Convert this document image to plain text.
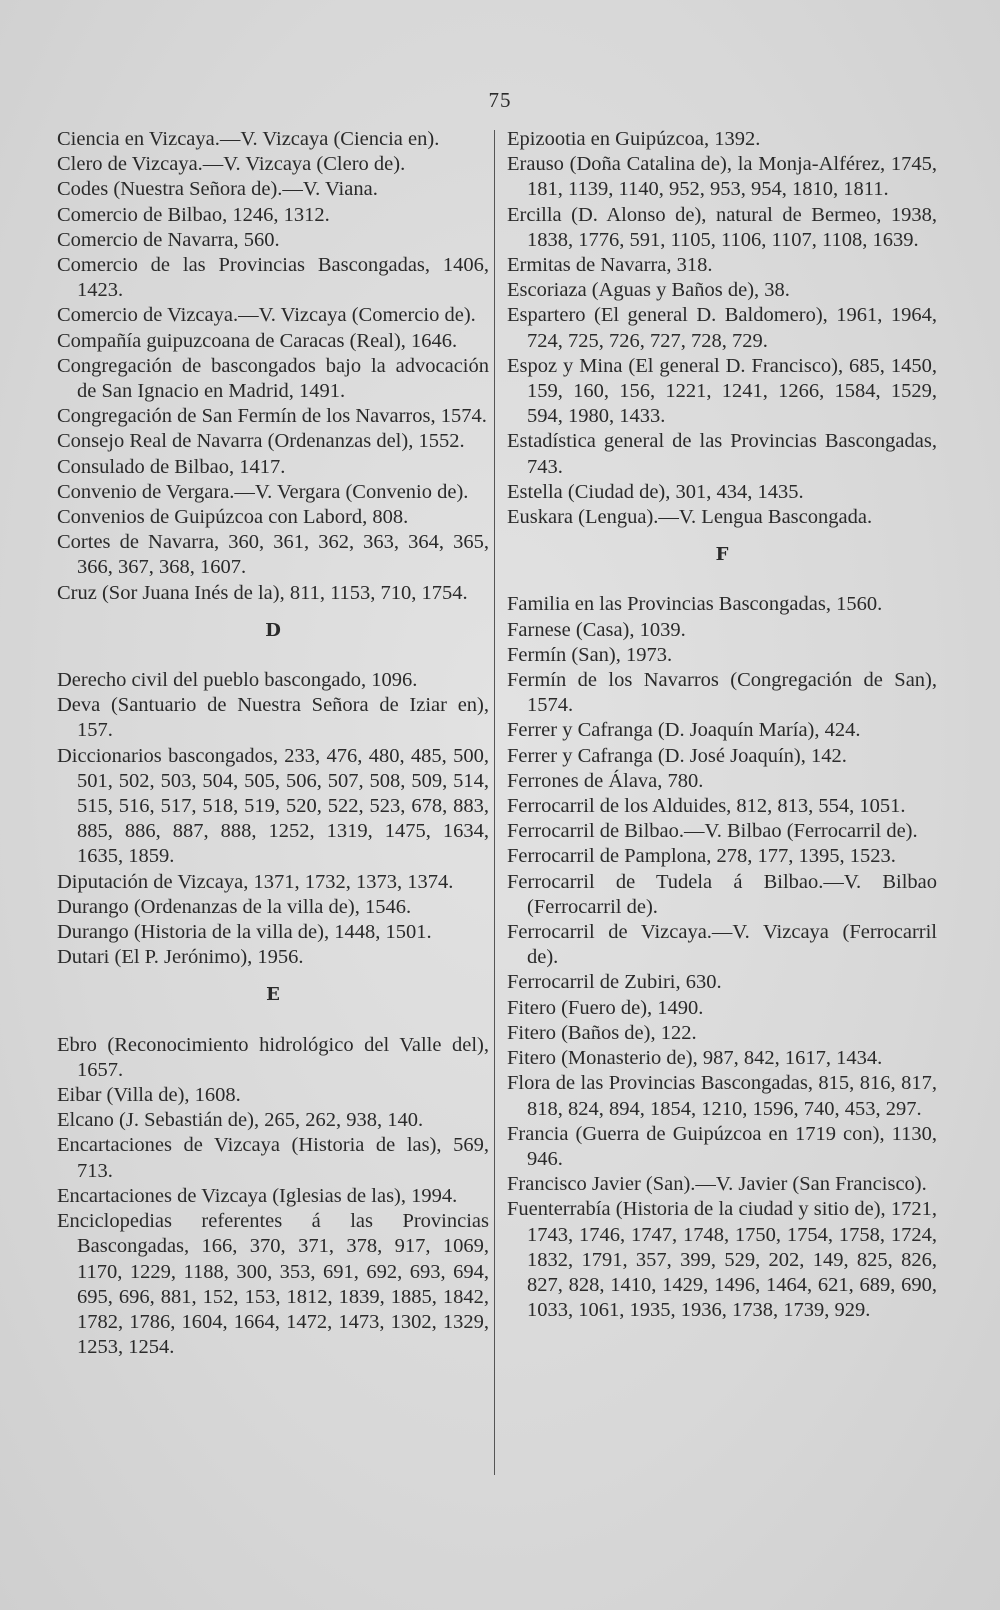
75

Ciencia en Vizcaya.—V. Vizcaya (Ciencia en).

Clero de Vizcaya.—V. Vizcaya (Clero de).

Codes (Nuestra Señora de).—V. Viana.

Comercio de Bilbao, 1246, 1312.

Comercio de Navarra, 560.

Comercio de las Provincias Bascongadas, 1406, 1423.

Comercio de Vizcaya.—V. Vizcaya (Comercio de).

Compañía guipuzcoana de Caracas (Real), 1646.

Congregación de bascongados bajo la advocación de San Ignacio en Madrid, 1491.

Congregación de San Fermín de los Navarros, 1574.

Consejo Real de Navarra (Ordenanzas del), 1552.

Consulado de Bilbao, 1417.

Convenio de Vergara.—V. Vergara (Convenio de).

Convenios de Guipúzcoa con Labord, 808.

Cortes de Navarra, 360, 361, 362, 363, 364, 365, 366, 367, 368, 1607.

Cruz (Sor Juana Inés de la), 811, 1153, 710, 1754.

D

Derecho civil del pueblo bascongado, 1096.

Deva (Santuario de Nuestra Señora de Iziar en), 157.

Diccionarios bascongados, 233, 476, 480, 485, 500, 501, 502, 503, 504, 505, 506, 507, 508, 509, 514, 515, 516, 517, 518, 519, 520, 522, 523, 678, 883, 885, 886, 887, 888, 1252, 1319, 1475, 1634, 1635, 1859.

Diputación de Vizcaya, 1371, 1732, 1373, 1374.

Durango (Ordenanzas de la villa de), 1546.

Durango (Historia de la villa de), 1448, 1501.

Dutari (El P. Jerónimo), 1956.

E

Ebro (Reconocimiento hidrológico del Valle del), 1657.

Eibar (Villa de), 1608.

Elcano (J. Sebastián de), 265, 262, 938, 140.

Encartaciones de Vizcaya (Historia de las), 569, 713.

Encartaciones de Vizcaya (Iglesias de las), 1994.

Enciclopedias referentes á las Provincias Bascongadas, 166, 370, 371, 378, 917, 1069, 1170, 1229, 1188, 300, 353, 691, 692, 693, 694, 695, 696, 881, 152, 153, 1812, 1839, 1885, 1842, 1782, 1786, 1604, 1664, 1472, 1473, 1302, 1329, 1253, 1254.

Epizootia en Guipúzcoa, 1392.

Erauso (Doña Catalina de), la Monja-Alférez, 1745, 181, 1139, 1140, 952, 953, 954, 1810, 1811.

Ercilla (D. Alonso de), natural de Bermeo, 1938, 1838, 1776, 591, 1105, 1106, 1107, 1108, 1639.

Ermitas de Navarra, 318.

Escoriaza (Aguas y Baños de), 38.

Espartero (El general D. Baldomero), 1961, 1964, 724, 725, 726, 727, 728, 729.

Espoz y Mina (El general D. Francisco), 685, 1450, 159, 160, 156, 1221, 1241, 1266, 1584, 1529, 594, 1980, 1433.

Estadística general de las Provincias Bascongadas, 743.

Estella (Ciudad de), 301, 434, 1435.

Euskara (Lengua).—V. Lengua Bascongada.

F

Familia en las Provincias Bascongadas, 1560.

Farnese (Casa), 1039.

Fermín (San), 1973.

Fermín de los Navarros (Congregación de San), 1574.

Ferrer y Cafranga (D. Joaquín María), 424.

Ferrer y Cafranga (D. José Joaquín), 142.

Ferrones de Álava, 780.

Ferrocarril de los Alduides, 812, 813, 554, 1051.

Ferrocarril de Bilbao.—V. Bilbao (Ferrocarril de).

Ferrocarril de Pamplona, 278, 177, 1395, 1523.

Ferrocarril de Tudela á Bilbao.—V. Bilbao (Ferrocarril de).

Ferrocarril de Vizcaya.—V. Vizcaya (Ferrocarril de).

Ferrocarril de Zubiri, 630.

Fitero (Fuero de), 1490.

Fitero (Baños de), 122.

Fitero (Monasterio de), 987, 842, 1617, 1434.

Flora de las Provincias Bascongadas, 815, 816, 817, 818, 824, 894, 1854, 1210, 1596, 740, 453, 297.

Francia (Guerra de Guipúzcoa en 1719 con), 1130, 946.

Francisco Javier (San).—V. Javier (San Francisco).

Fuenterrabía (Historia de la ciudad y sitio de), 1721, 1743, 1746, 1747, 1748, 1750, 1754, 1758, 1724, 1832, 1791, 357, 399, 529, 202, 149, 825, 826, 827, 828, 1410, 1429, 1496, 1464, 621, 689, 690, 1033, 1061, 1935, 1936, 1738, 1739, 929.
